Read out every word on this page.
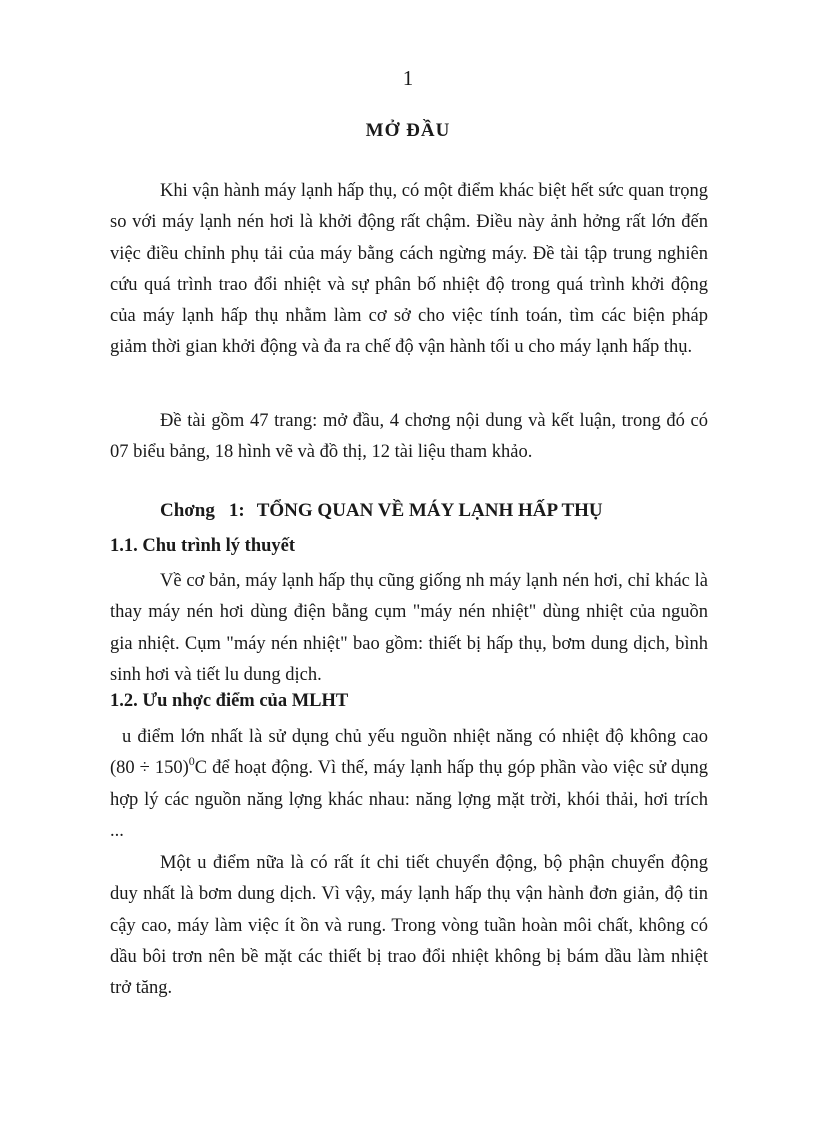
1
MỞ ĐẦU

Khi vận hành máy lạnh hấp thụ, có một điểm khác biệt hết sức quan trọng so với máy lạnh nén hơi là khởi động rất chậm. Điều này ảnh hởng rất lớn đến việc điều chỉnh phụ tải của máy bằng cách ngừng máy. Đề tài tập trung nghiên cứu quá trình trao đổi nhiệt và sự phân bố nhiệt độ trong quá trình khởi động của máy lạnh hấp thụ nhằm làm cơ sở cho việc tính toán, tìm các biện pháp giảm thời gian khởi động và đa ra chế độ vận hành tối u cho máy lạnh hấp thụ.

Đề tài gồm 47 trang: mở đầu, 4 chơng nội dung và kết luận, trong đó có 07 biểu bảng, 18 hình vẽ và đồ thị, 12 tài liệu tham khảo.

Chơng 1: TỔNG QUAN VỀ MÁY LẠNH HẤP THỤ
1.1. Chu trình lý thuyết

Về cơ bản, máy lạnh hấp thụ cũng giống nh máy lạnh nén hơi, chỉ khác là thay máy nén hơi dùng điện bằng cụm "máy nén nhiệt" dùng nhiệt của nguồn gia nhiệt. Cụm "máy nén nhiệt" bao gồm: thiết bị hấp thụ, bơm dung dịch, bình sinh hơi và tiết lu dung dịch.

1.2. Ưu nhợc điểm của MLHT

u điểm lớn nhất là sử dụng chủ yếu nguồn nhiệt năng có nhiệt độ không cao $(80 \div 150)^0C$ để hoạt động. Vì thế, máy lạnh hấp thụ góp phần vào việc sử dụng hợp lý các nguồn năng lợng khác nhau: năng lợng mặt trời, khói thải, hơi trích ...

Một u điểm nữa là có rất ít chi tiết chuyển động, bộ phận chuyển động duy nhất là bơm dung dịch. Vì vậy, máy lạnh hấp thụ vận hành đơn giản, độ tin cậy cao, máy làm việc ít ồn và rung. Trong vòng tuần hoàn môi chất, không có dầu bôi trơn nên bề mặt các thiết bị trao đổi nhiệt không bị bám dầu làm nhiệt trở tăng.
